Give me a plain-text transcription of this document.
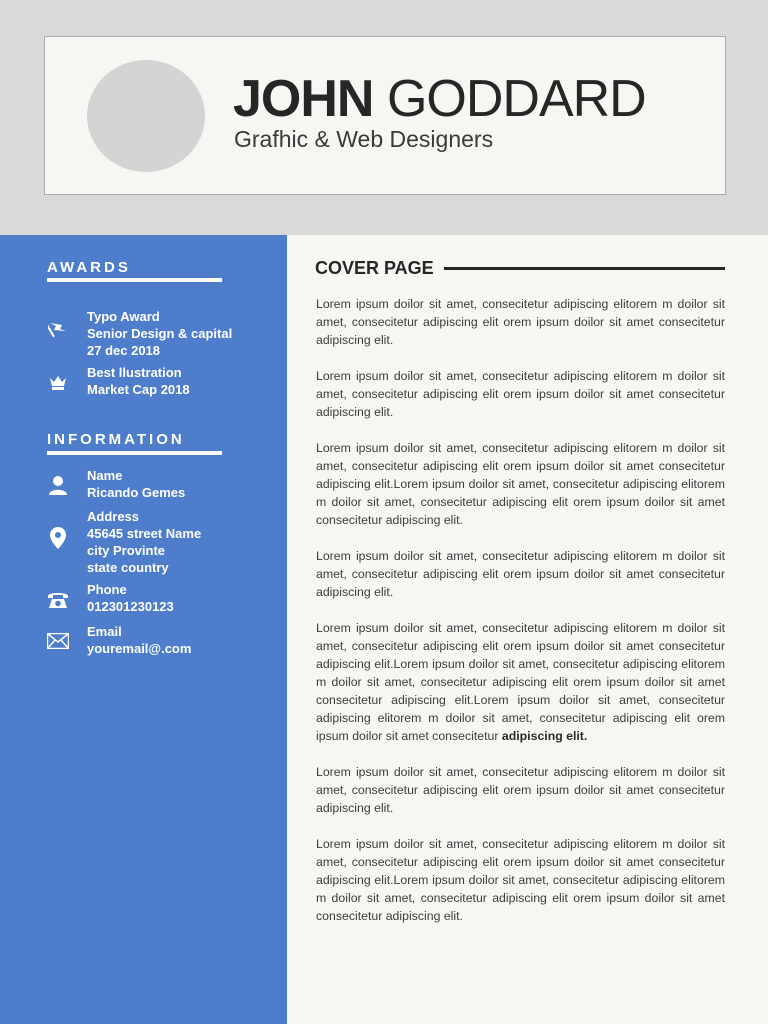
JOHN GODDARD
Grafhic & Web Designers
AWARDS
Typo Award
Senior Design & capital
27 dec 2018
Best llustration
Market Cap 2018
INFORMATION
Name
Ricando Gemes
Address
45645 street Name
city Provinte
state country
Phone
012301230123
Email
youremail@.com
COVER PAGE

Lorem ipsum doilor sit amet, consecitetur adipiscing elitorem m doilor sit amet, consecitetur adipiscing elit orem ipsum doilor sit amet consecitetur adipiscing elit.

Lorem ipsum doilor sit amet, consecitetur adipiscing elitorem m doilor sit amet, consecitetur adipiscing elit orem ipsum doilor sit amet consecitetur adipiscing elit.

Lorem ipsum doilor sit amet, consecitetur adipiscing elitorem m doilor sit amet, consecitetur adipiscing elit orem ipsum doilor sit amet consecitetur adipiscing elit.Lorem ipsum doilor sit amet, consecitetur adipiscing elitorem m doilor sit amet, consecitetur adipiscing elit orem ipsum doilor sit amet consecitetur adipiscing elit.

Lorem ipsum doilor sit amet, consecitetur adipiscing elitorem m doilor sit amet, consecitetur adipiscing elit orem ipsum doilor sit amet consecitetur adipiscing elit.

Lorem ipsum doilor sit amet, consecitetur adipiscing elitorem m doilor sit amet, consecitetur adipiscing elit orem ipsum doilor sit amet consecitetur adipiscing elit.Lorem ipsum doilor sit amet, consecitetur adipiscing elitorem m doilor sit amet, consecitetur adipiscing elit orem ipsum doilor sit amet consecitetur adipiscing elit.Lorem ipsum doilor sit amet, consecitetur adipiscing elitorem m doilor sit amet, consecitetur adipiscing elit orem ipsum doilor sit amet consecitetur adipiscing elit.

Lorem ipsum doilor sit amet, consecitetur adipiscing elitorem m doilor sit amet, consecitetur adipiscing elit orem ipsum doilor sit amet consecitetur adipiscing elit.

Lorem ipsum doilor sit amet, consecitetur adipiscing elitorem m doilor sit amet, consecitetur adipiscing elit orem ipsum doilor sit amet consecitetur adipiscing elit.Lorem ipsum doilor sit amet, consecitetur adipiscing elitorem m doilor sit amet, consecitetur adipiscing elit orem ipsum doilor sit amet consecitetur adipiscing elit.
